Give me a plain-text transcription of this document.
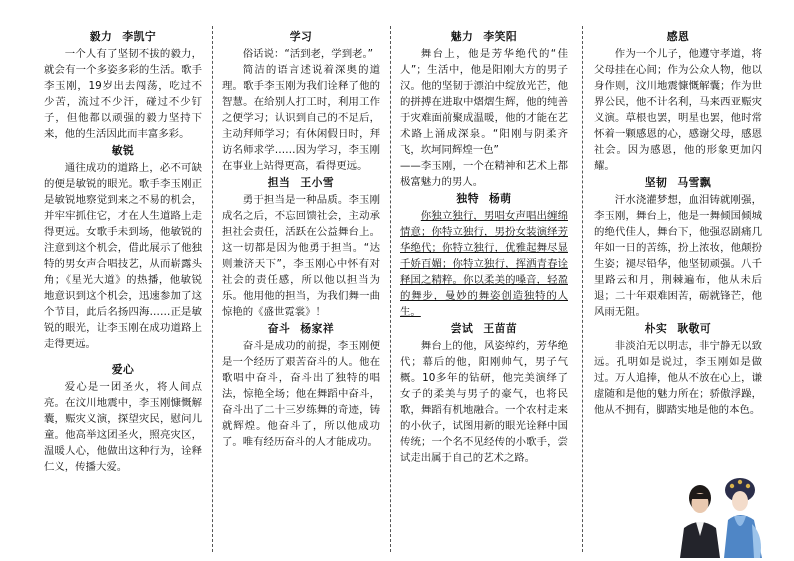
毅力 李凯宁

一个人有了坚韧不拔的毅力，就会有一个多姿多彩的生活。歌手李玉刚，19岁出去闯荡，吃过不少苦，流过不少汗，碰过不少钉子，但他都以顽强的毅力坚持下来，他的生活因此而丰富多彩。

敏锐

通往成功的道路上，必不可缺的便是敏锐的眼光。歌手李玉刚正是敏锐地察觉到来之不易的机会，并牢牢抓住它，才在人生道路上走得更远。女歌手未到场，他敏锐的注意到这个机会，借此展示了他独特的男女声合唱技艺，从而崭露头角；《星光大道》的热播，他敏锐地意识到这个机会，迅速参加了这个节目，此后名扬四海……正是敏锐的眼光，让李玉刚在成功道路上走得更远。

爱心

爱心是一团圣火，将人间点亮。在汶川地震中，李玉刚慷慨解囊，赈灾义演，探望灾民，慰问儿童。他高举这团圣火，照亮灾区，温暖人心，他做出这种行为，诠释仁义，传播大爱。

学习

俗话说：“活到老，学到老。”

简洁的语言述说着深奥的道理。歌手李玉刚为我们诠释了他的智慧。在给别人打工时，利用工作之便学习；认识到自己的不足后，主动拜师学习；有休闲假日时，拜访名师求学……因为学习，李玉刚在事业上站得更高，看得更远。

担当 王小雪

勇于担当是一种品质。李玉刚成名之后，不忘回馈社会，主动承担社会责任，活跃在公益舞台上。这一切都是因为他勇于担当。“达则兼济天下”，李玉刚心中怀有对社会的责任感，所以他以担当为乐。他用他的担当，为我们舞一曲惊艳的《盛世霓裳》！

奋斗 杨家祥

奋斗是成功的前提，李玉刚便是一个经历了艰苦奋斗的人。他在歌唱中奋斗，奋斗出了独特的唱法，惊艳全场；他在舞蹈中奋斗，奋斗出了二十三岁练舞的奇迹，铸就辉煌。他奋斗了，所以他成功了。唯有经历奋斗的人才能成功。

魅力 李笑阳

舞台上，他是芳华绝代的“佳人”；生活中，他是阳刚大方的男子汉。他的坚韧于漂泊中绽放光芒，他的拼搏在进取中熠熠生辉，他的纯善于灾难面前聚成温暖，他的才能在艺术路上涌成深泉。“阳刚与阴柔齐飞，坎坷同辉煌一色”

——李玉刚，一个在精神和艺术上都极富魅力的男人。

独特 杨萌

你独立独行，男唱女声唱出缠绵情意；你特立独行，男扮女装演绎芳华绝代；你特立独行，优雅起舞尽显千娇百媚；你特立独行，挥洒青春诠释国之精粹。你以柔美的嗓音，轻盈的舞步，曼妙的舞姿创造独特的人生。

尝试 王苗苗

舞台上的他，风姿绰约，芳华绝代；幕后的他，阳刚帅气，男子气概。10多年的钻研，他完美演绎了女子的柔美与男子的豪气，也将民歌，舞蹈有机地融合。一个农村走来的小伙子，试图用新的眼光诠释中国传统；一个名不见经传的小歌手，尝试走出属于自己的艺术之路。

感恩

作为一个儿子，他遵守孝道，将父母挂在心间；作为公众人物，他以身作则，汶川地震慷慨解囊；作为世界公民，他不计名利，马来西亚赈灾义演。草根也罢，明星也罢，他时常怀着一颗感恩的心，感谢父母，感恩社会。因为感恩，他的形象更加闪耀。

坚韧 马雪飘

汗水浇灌梦想，血泪铸就刚强，李玉刚，舞台上，他是一舞倾国倾城的绝代佳人，舞台下，他强忍剧痛几年如一日的苦练，扮上浓妆，他颠扮生姿；褪尽铅华，他坚韧顽强。八千里路云和月，荆棘遍布，他从未后退；二十年艰难困苦，砺就锋芒，他风雨无阻。

朴实 耿敬可

非淡泊无以明志，非宁静无以致远。孔明如是说过，李玉刚如是做过。万人追捧，他从不放在心上，谦虚随和是他的魅力所在；骄傲浮躁，他从不拥有，脚踏实地是他的本色。
